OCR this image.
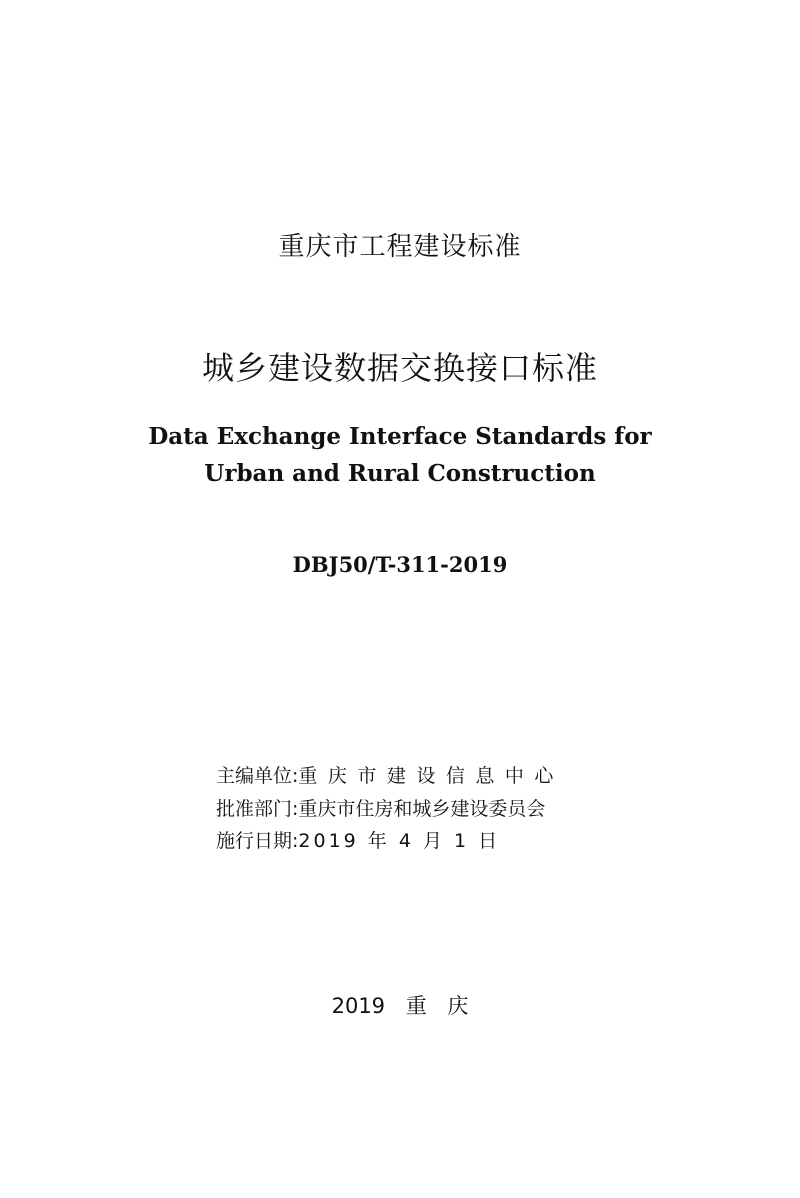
重庆市工程建设标准
城乡建设数据交换接口标准
Data Exchange Interface Standards for
Urban and Rural Construction
DBJ50/T-311-2019
主编单位: 重庆市建设信息中心
批准部门: 重庆市住房和城乡建设委员会
施行日期: 2019 年 4 月 1 日
2019 重 庆
